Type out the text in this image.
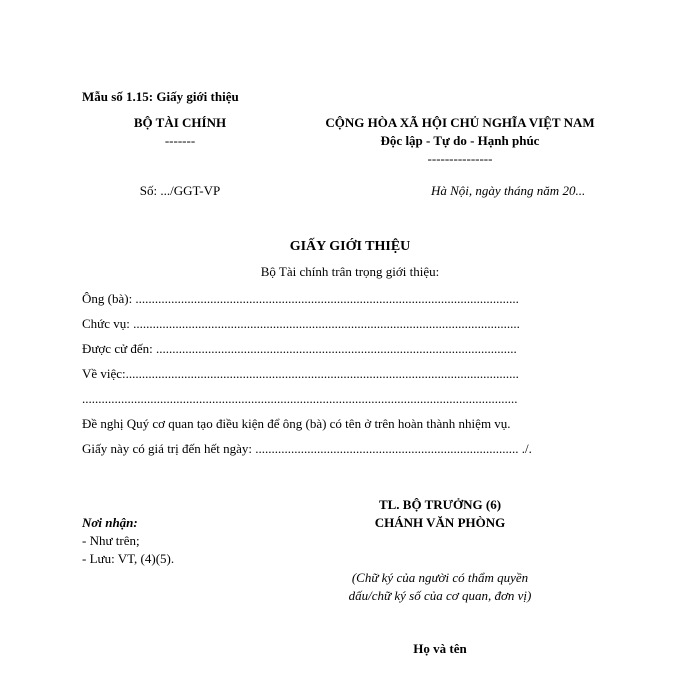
Mẫu số 1.15: Giấy giới thiệu
BỘ TÀI CHÍNH
-------
CỘNG HÒA XÃ HỘI CHỦ NGHĨA VIỆT NAM
Độc lập - Tự do - Hạnh phúc
---------------
Số: .../GGT-VP	Hà Nội, ngày tháng năm 20...
GIẤY GIỚI THIỆU
Bộ Tài chính trân trọng giới thiệu:
Ông (bà): ......................................................................................................................
Chức vụ: .......................................................................................................................
Được cử đến: ...............................................................................................................
Về việc:.........................................................................................................................
......................................................................................................................................
Đề nghị Quý cơ quan tạo điều kiện để ông (bà) có tên ở trên hoàn thành nhiệm vụ.
Giấy này có giá trị đến hết ngày: ................................................................................. ./.
TL. BỘ TRƯỞNG (6)
CHÁNH VĂN PHÒNG
Nơi nhận:
- Như trên;
- Lưu: VT, (4)(5).
(Chữ ký của người có thẩm quyền
dấu/chữ ký số của cơ quan, đơn vị)
Họ và tên
